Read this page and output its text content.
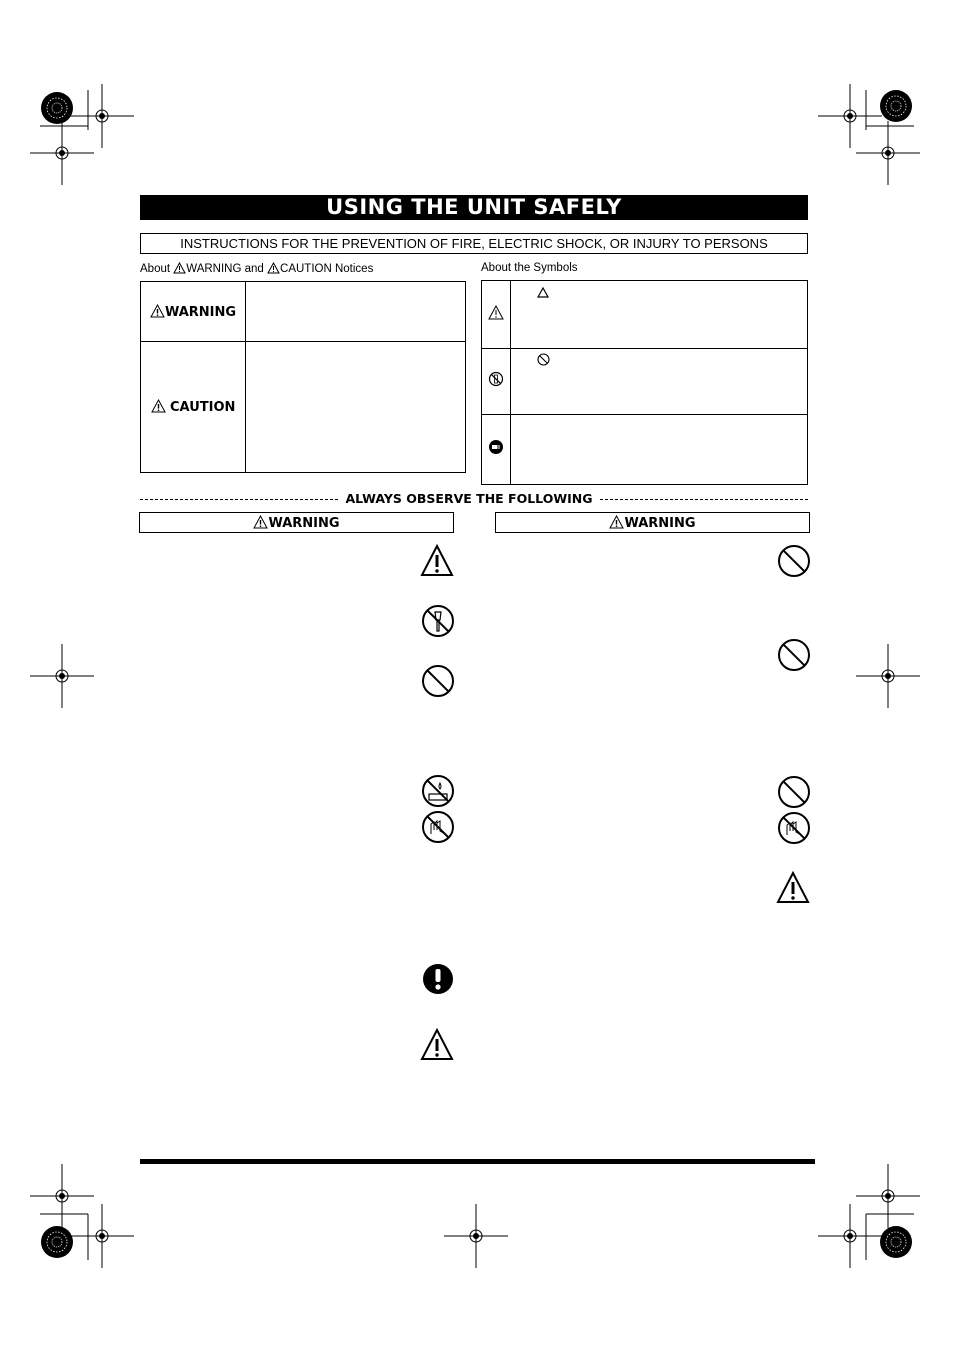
USING THE UNIT SAFELY
INSTRUCTIONS FOR THE PREVENTION OF FIRE, ELECTRIC SHOCK, OR INJURY TO PERSONS
About WARNING and CAUTION Notices
WARNING	
CAUTION	
About the Symbols

ALWAYS OBSERVE THE FOLLOWING
WARNING	WARNING
